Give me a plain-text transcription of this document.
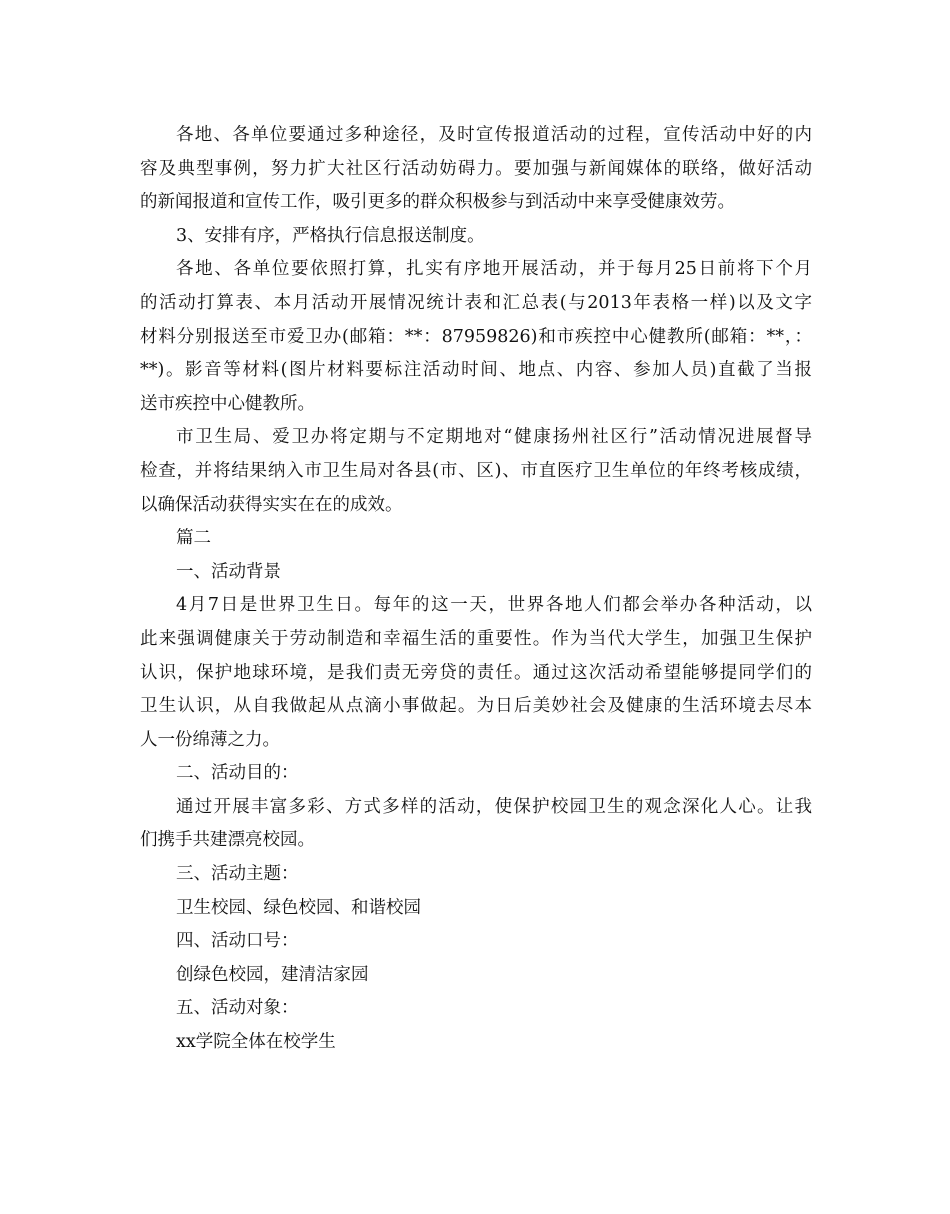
各地、各单位要通过多种途径，及时宣传报道活动的过程，宣传活动中好的内
容及典型事例，努力扩大社区行活动妨碍力。要加强与新闻媒体的联络，做好活动
的新闻报道和宣传工作，吸引更多的群众积极参与到活动中来享受健康效劳。
3、安排有序，严格执行信息报送制度。
各地、各单位要依照打算，扎实有序地开展活动，并于每月25日前将下个月
的活动打算表、本月活动开展情况统计表和汇总表(与2013年表格一样)以及文字
材料分别报送至市爱卫办(邮箱：**：87959826)和市疾控中心健教所(邮箱：**，：
**)。影音等材料(图片材料要标注活动时间、地点、内容、参加人员)直截了当报
送市疾控中心健教所。
市卫生局、爱卫办将定期与不定期地对“健康扬州社区行”活动情况进展督导
检查，并将结果纳入市卫生局对各县(市、区)、市直医疗卫生单位的年终考核成绩，
以确保活动获得实实在在的成效。
篇二
一、活动背景
4月7日是世界卫生日。每年的这一天，世界各地人们都会举办各种活动，以
此来强调健康关于劳动制造和幸福生活的重要性。作为当代大学生，加强卫生保护
认识，保护地球环境，是我们责无旁贷的责任。通过这次活动希望能够提同学们的
卫生认识，从自我做起从点滴小事做起。为日后美妙社会及健康的生活环境去尽本
人一份绵薄之力。
二、活动目的：
通过开展丰富多彩、方式多样的活动，使保护校园卫生的观念深化人心。让我
们携手共建漂亮校园。
三、活动主题：
卫生校园、绿色校园、和谐校园
四、活动口号：
创绿色校园，建清洁家园
五、活动对象：
xx学院全体在校学生
